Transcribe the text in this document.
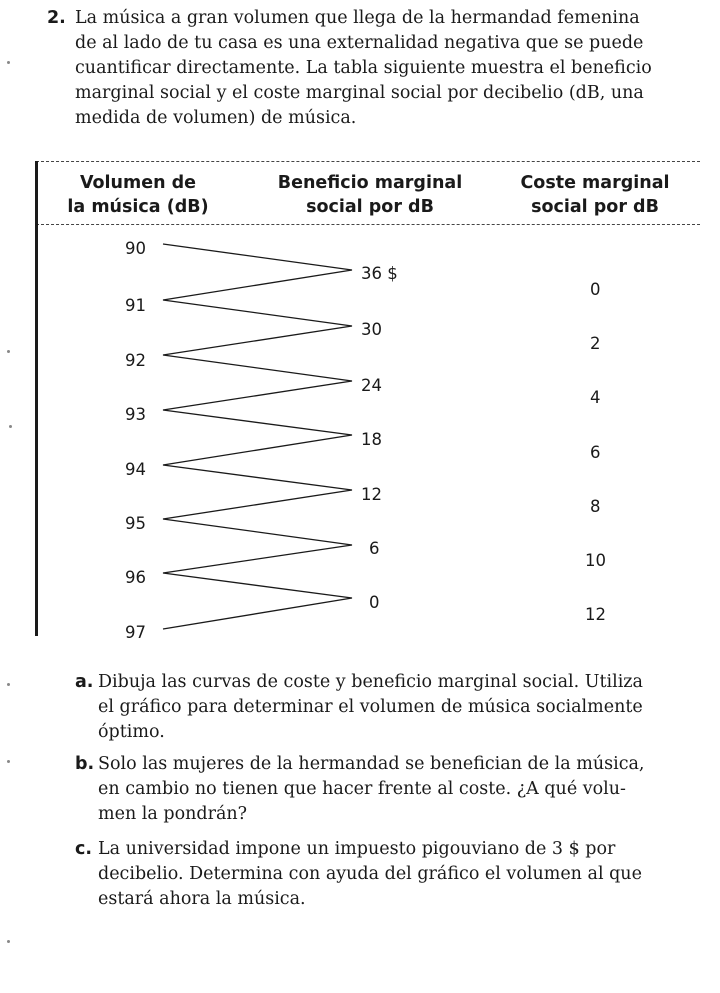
2. La música a gran volumen que llega de la hermandad femenina
de al lado de tu casa es una externalidad negativa que se puede
cuantificar directamente. La tabla siguiente muestra el beneficio
marginal social y el coste marginal social por decibelio (dB, una
medida de volumen) de música.
Volumen de
la música (dB)
Beneficio marginal
social por dB
Coste marginal
social por dB
90
91
92
93
94
95
96
97
36 $
30
24
18
12
6
0
0
2
4
6
8
10
12
a. Dibuja las curvas de coste y beneficio marginal social. Utiliza
el gráfico para determinar el volumen de música socialmente
óptimo.
b. Solo las mujeres de la hermandad se benefician de la música,
en cambio no tienen que hacer frente al coste. ¿A qué volu-
men la pondrán?
c. La universidad impone un impuesto pigouviano de 3 $ por
decibelio. Determina con ayuda del gráfico el volumen al que
estará ahora la música.
